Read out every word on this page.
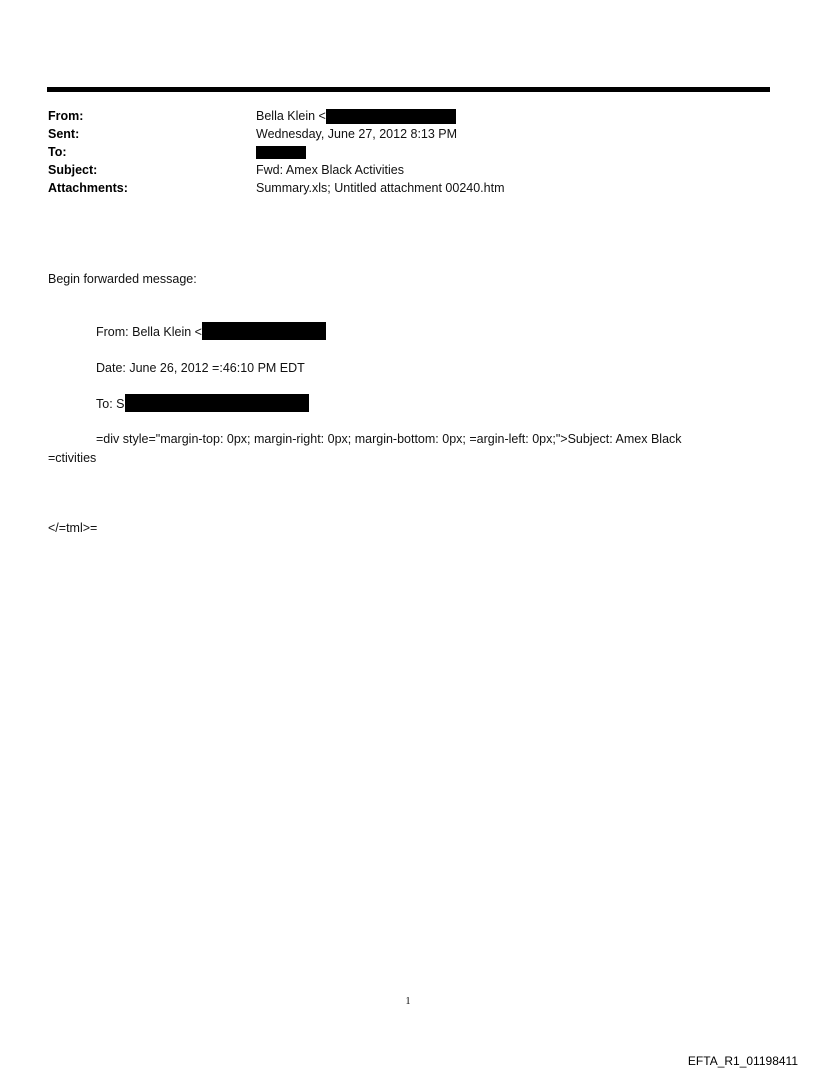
From:	Bella Klein <
Sent:	Wednesday, June 27, 2012 8:13 PM
To:
Subject:	Fwd: Amex Black Activities
Attachments:	Summary.xls; Untitled attachment 00240.htm
Begin forwarded message:
From: Bella Klein <
Date: June 26, 2012 =:46:10 PM EDT
To: S
=div style="margin-top: 0px; margin-right: 0px; margin-bottom: 0px; =argin-left: 0px;">Subject: Amex Black
=ctivities
</=tml>=
1
EFTA_R1_01198411
